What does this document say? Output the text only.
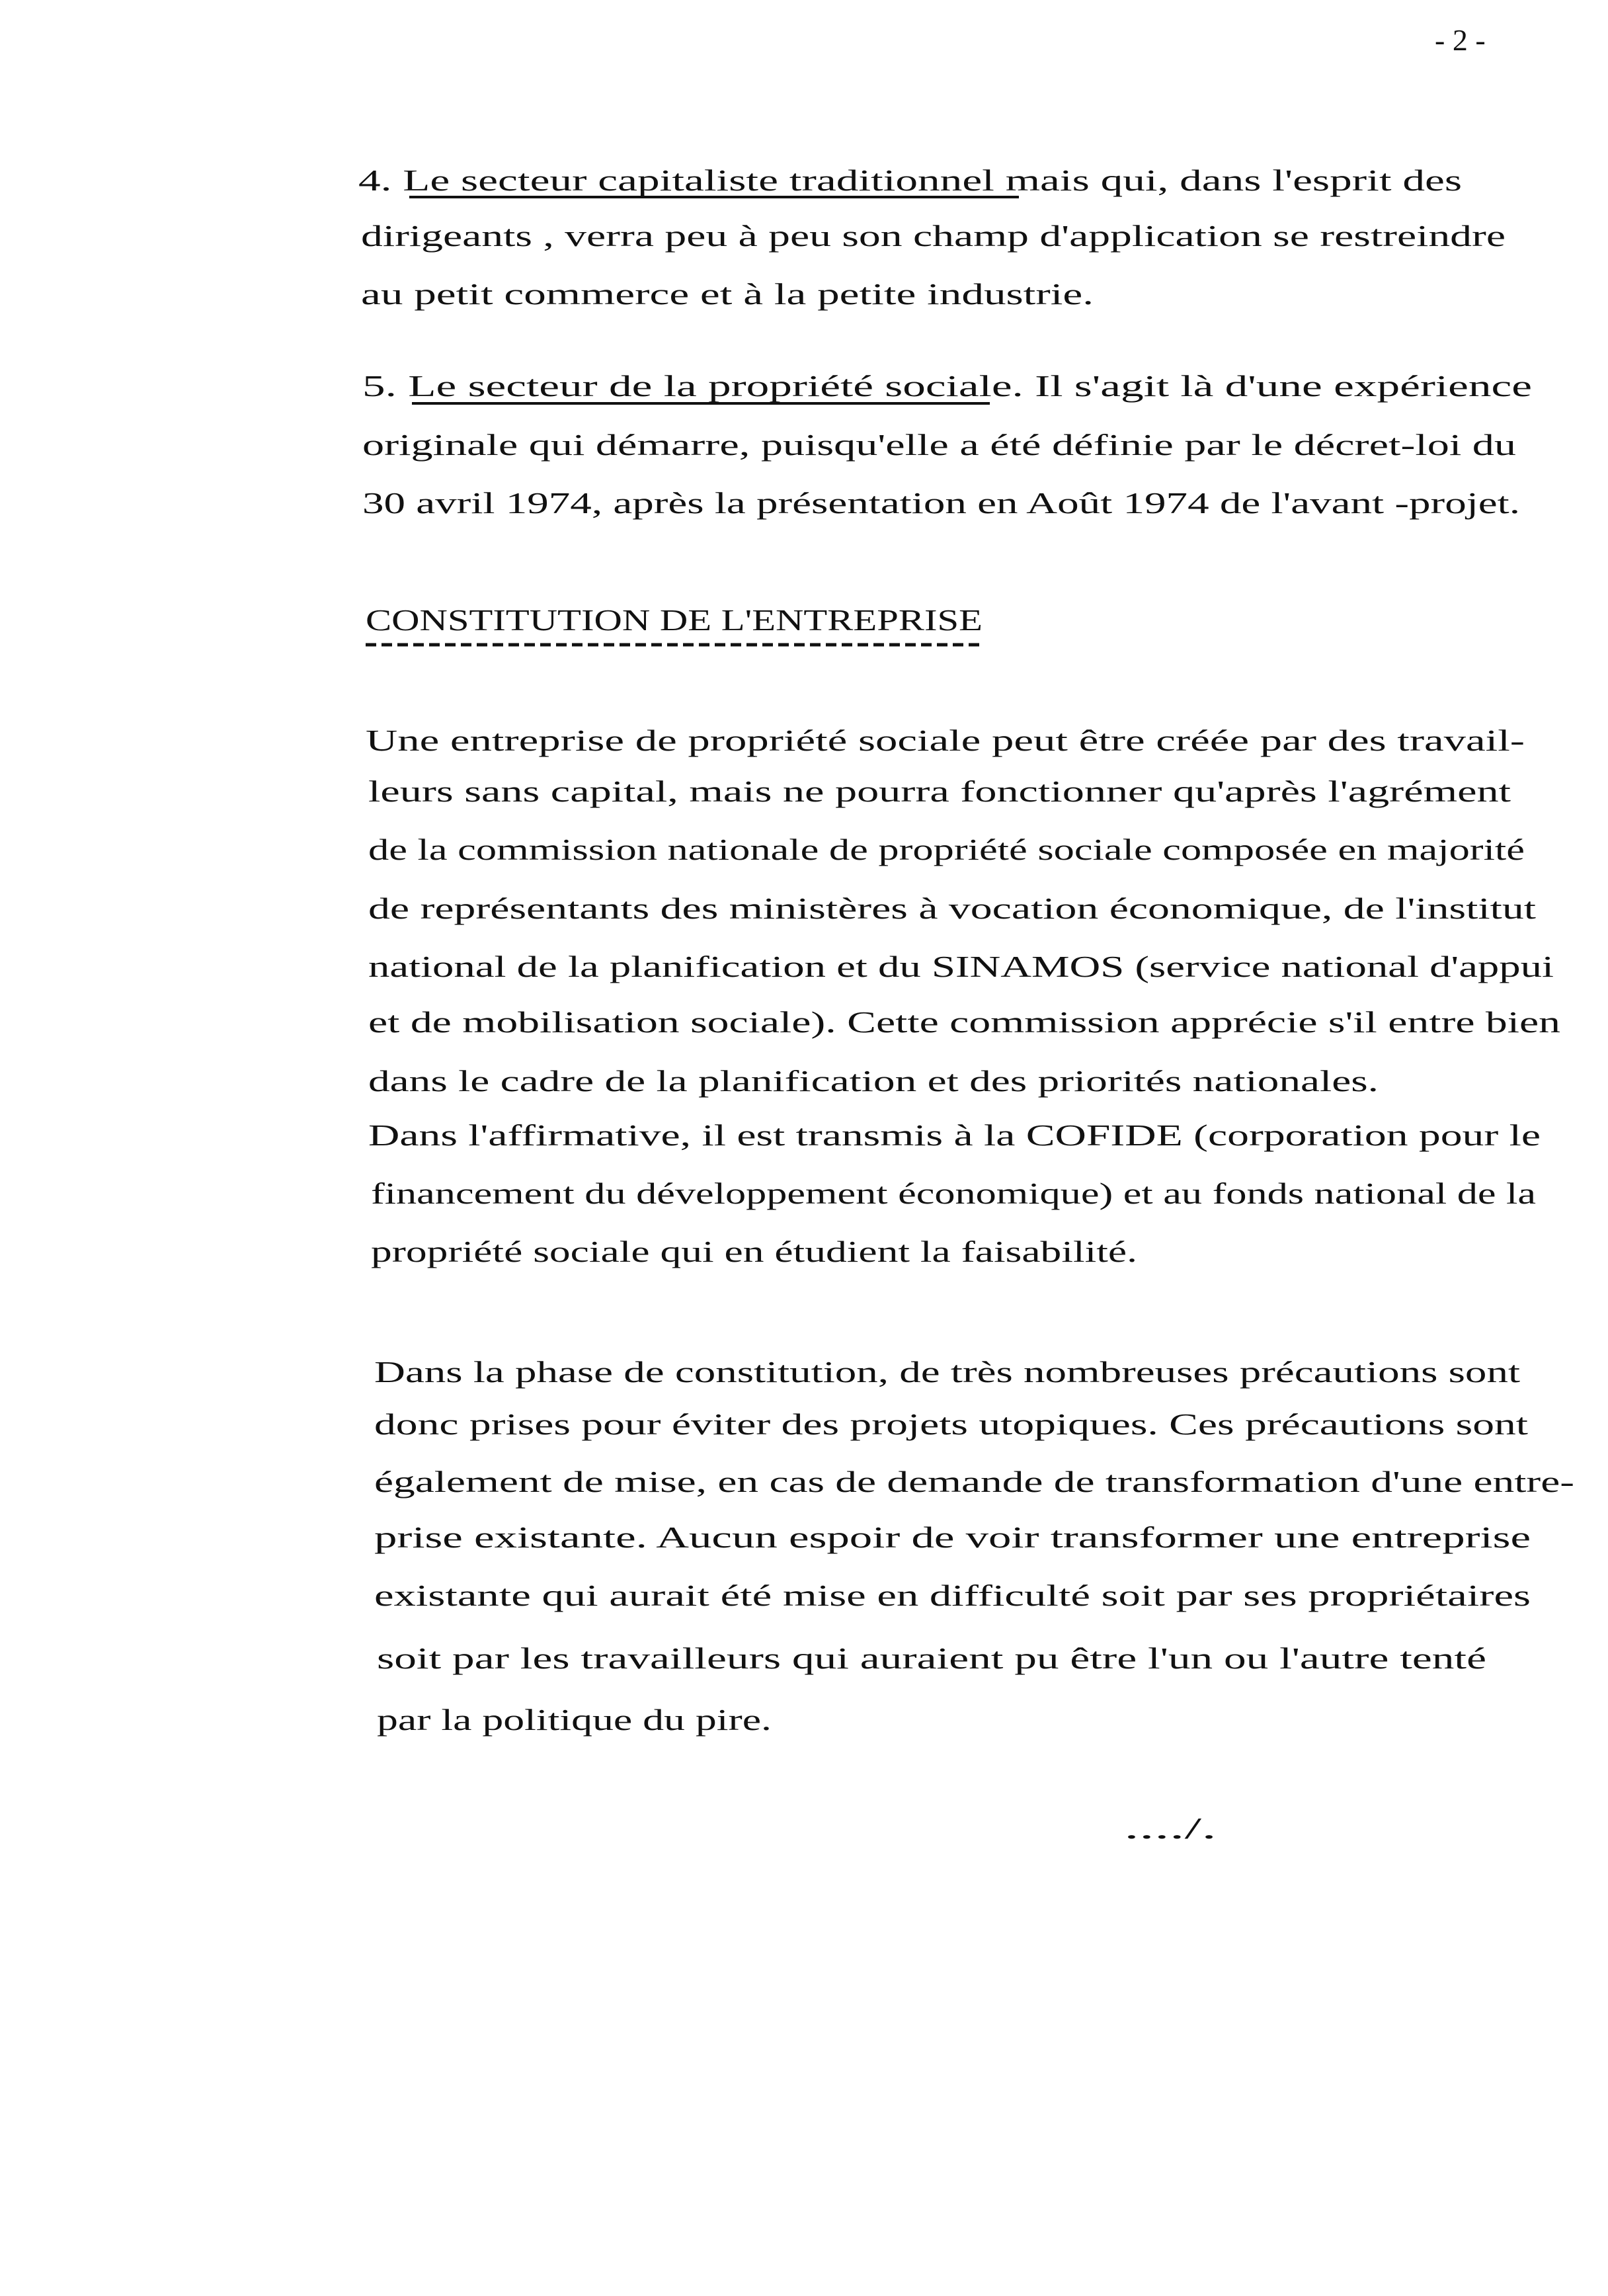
- 2 -
4. Le secteur capitaliste traditionnel	mais qui, dans l'esprit des
dirigeants , verra peu à peu son champ d'application se restreindre
au petit commerce et à la petite industrie.
5. Le secteur de la propriété sociale	. Il s'agit là d'une expérience
originale qui démarre, puisqu'elle a été définie par le décret-loi du
30 avril 1974, après la présentation en Août 1974 de l'avant -projet.
CONSTITUTION DE L'ENTREPRISE
Une entreprise de propriété sociale peut être créée par des travail-
leurs sans capital, mais ne pourra fonctionner qu'après l'agrément
de la commission nationale de propriété sociale composée en majorité
de représentants des ministères à vocation économique, de l'institut
national de la planification et du SINAMOS (service national d'appui
et de mobilisation sociale). Cette commission apprécie s'il entre bien
dans le cadre de la planification et des priorités nationales.
Dans l'affirmative, il est transmis à la COFIDE (corporation pour le
financement du développement économique) et au fonds national de la
propriété sociale qui en étudient la faisabilité.
Dans la phase de constitution, de très nombreuses précautions sont
donc prises pour éviter des projets utopiques. Ces précautions sont
également de mise, en cas de demande de transformation d'une entre-
prise existante. Aucun espoir de voir transformer une entreprise
existante qui aurait été mise en difficulté soit par ses propriétaires
soit par les travailleurs qui auraient pu être l'un ou l'autre tenté
par la politique du pire.
..../.
